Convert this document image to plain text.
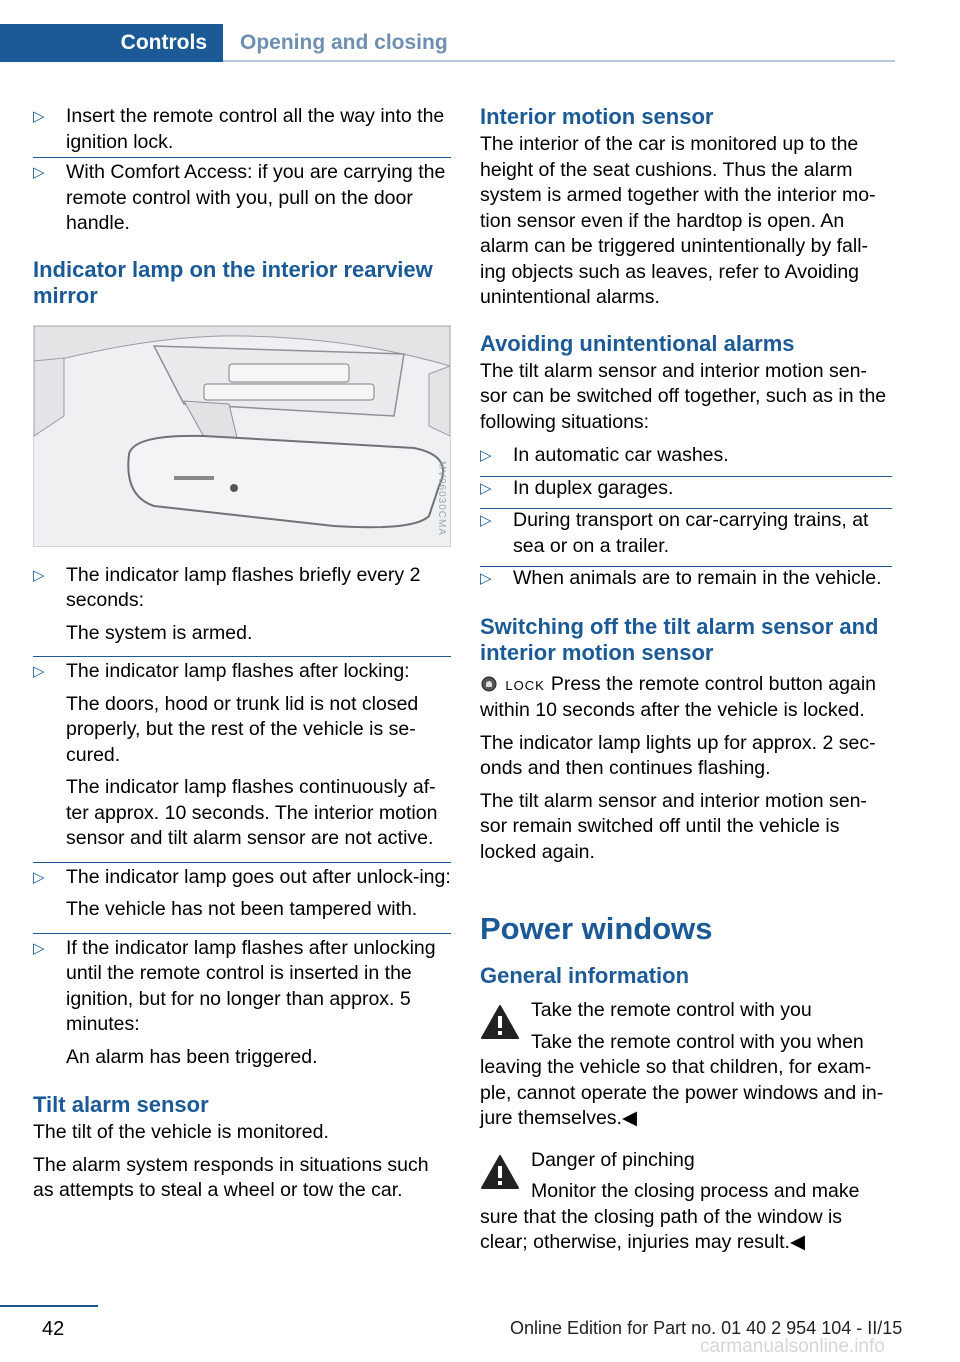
Controls Opening and closing
▷ Insert the remote control all the way into the ignition lock.
▷ With Comfort Access: if you are carrying the remote control with you, pull on the door handle.
Indicator lamp on the interior rearview mirror
MV06030CMA
▷ The indicator lamp flashes briefly every 2 seconds:
The system is armed.
▷ The indicator lamp flashes after locking:
The doors, hood or trunk lid is not closed properly, but the rest of the vehicle is se‐cured.
The indicator lamp flashes continuously af‐ter approx. 10 seconds. The interior motion sensor and tilt alarm sensor are not active.
▷ The indicator lamp goes out after unlock‐ing:
The vehicle has not been tampered with.
▷ If the indicator lamp flashes after unlocking until the remote control is inserted in the ignition, but for no longer than approx. 5 minutes:
An alarm has been triggered.
Tilt alarm sensor

The tilt of the vehicle is monitored.

The alarm system responds in situations such as attempts to steal a wheel or tow the car.

Interior motion sensor

The interior of the car is monitored up to the height of the seat cushions. Thus the alarm system is armed together with the interior mo‐tion sensor even if the hardtop is open. An alarm can be triggered unintentionally by fall‐ing objects such as leaves, refer to Avoiding unintentional alarms.

Avoiding unintentional alarms

The tilt alarm sensor and interior motion sen‐sor can be switched off together, such as in the following situations:

▷ In automatic car washes.
▷ In duplex garages.
▷ During transport on car-carrying trains, at sea or on a trailer.
▷ When animals are to remain in the vehicle.
Switching off the tilt alarm sensor and interior motion sensor

LOCK Press the remote control button again within 10 seconds after the vehicle is locked.

The indicator lamp lights up for approx. 2 sec‐onds and then continues flashing.

The tilt alarm sensor and interior motion sen‐sor remain switched off until the vehicle is locked again.

Power windows
General information
Take the remote control with you

Take the remote control with you when leaving the vehicle so that children, for exam‐ple, cannot operate the power windows and in‐jure themselves.◀

Danger of pinching

Monitor the closing process and make sure that the closing path of the window is clear; otherwise, injuries may result.◀

42	Online Edition for Part no. 01 40 2 954 104 - II/15
carmanualsonline.info
